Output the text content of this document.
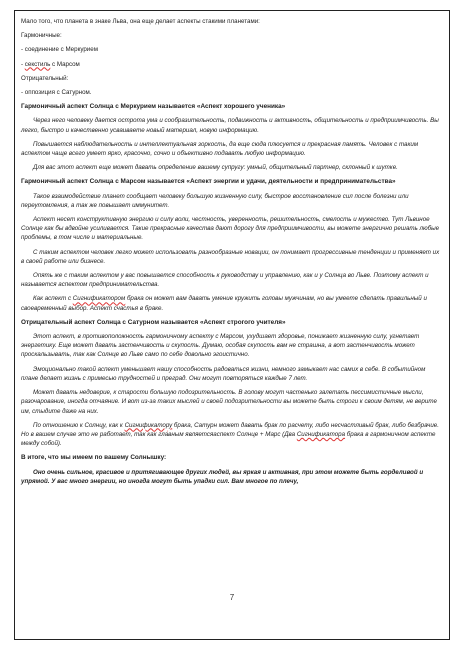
Мало того, что планета в знаке Льва, она еще делает аспекты стакими планетами:

Гармоничные:

- соединение с Меркурием

- секстиль с Марсом

Отрицательный:

- оппозиция с Сатурном.

Гармоничный аспект Солнца с Меркурием называется «Аспект хорошего ученика»

Через него человеку дается острота ума и сообразительность, подвижность и активность, общительность и предприимчивость. Вы легко, быстро и качественно усваиваете новый материал, новую информацию.

Повышается наблюдательность и интеллектуальная зоркость, да еще сюда плюсуется и прекрасная память. Человек с таким аспектом чаще всего умеет ярко, красочно, сочно и объективно подавать любую информацию.

Для вас этот аспект еще может давать определение вашему супругу: умный, общительный партнер, склонный к шутке.

Гармоничный аспект Солнца с Марсом называется «Аспект энергии и удачи, деятельности и предпринимательства»

Такое взаимодействие планет сообщает человеку большую жизненную силу, быстрое восстановление сил после болезни или переутомления, а так же повышает иммунитет.

Аспект несет конструктивную энергию и силу воли, честность, уверенность, решительность, смелость и мужество. Тут Львиное Солнце как бы вдвойне усиливается. Такие прекрасные качества дают дорогу для предприимчивости, вы можете энергично решать любые проблемы, в том числе и материальные.

С таким аспектом человек легко может использовать разнообразные новации, он понимает прогрессивные тенденции и применяет их в своей работе или бизнесе.

Опять же с таким аспектом у вас повышается способность к руководству и управлению, как и у Солнца во Льве. Поэтому аспект и называется аспектом предпринимательства.

Как аспект с Сигнификатором брака он может вам давать умение кружить головы мужчинам, но вы умеете сделать правильный и своевременный выбор. Аспект счастья в браке.

Отрицательный аспект Солнца с Сатурном называется «Аспект строгого учителя»

Этот аспект, в противоположность гармоничному аспекту с Марсом, ухудшает здоровье, понижает жизненную силу, угнетает энергетику. Еще может давать застенчивость и скупость. Думаю, особая скупость вам не страшна, а вот застенчивость может проскальзывать, так как Солнце во Льве само по себе довольно эгоистично.

Эмоционально такой аспект уменьшает нашу способность радоваться жизни, немного замыкает нас самих в себе. В событийном плане делает жизнь с примесью трудностей и преград. Они могут повторяться каждые 7 лет.

Может давать недоверие, к старости большую подозрительность. В голову могут частенько залетать пессимистичные мысли, разочарование, иногда отчаяние. И вот из-за таких мыслей и своей подозрительности вы можете быть строги к своим детям, не верите им, стыдите даже на них.

По отношению к Солнцу, как к Сигнификатору брака, Сатурн может давать брак по расчету, либо несчастливый брак, либо безбрачие. Но в вашем случае это не работает, так как главным являетсяаспект Солнце + Марс (Два Сигнификатора брака в гармоничном аспекте между собой).

В итоге, что мы имеем по вашему Солнышку:

Оно очень сильное, красивое и притягивающее других людей, вы яркая и активная, при этом можете быть горделивой и упрямой. У вас много энергии, но иногда могут быть упадки сил. Вам многое по плечу,

7
